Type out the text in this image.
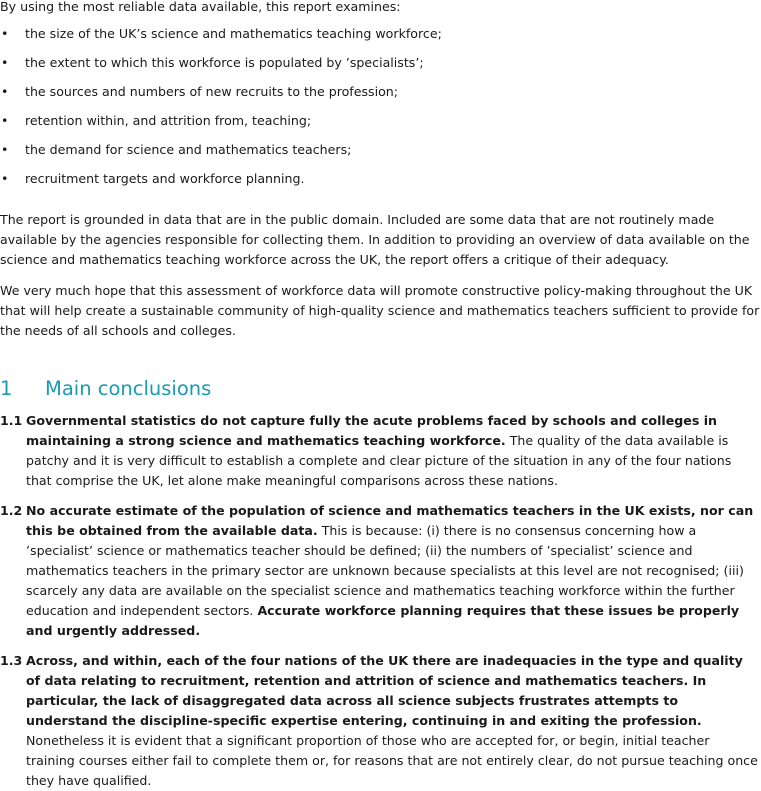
By using the most reliable data available, this report examines:

• the size of the UK’s science and mathematics teaching workforce;
• the extent to which this workforce is populated by ’specialists’;
• the sources and numbers of new recruits to the profession;
• retention within, and attrition from, teaching;
• the demand for science and mathematics teachers;
• recruitment targets and workforce planning.

The report is grounded in data that are in the public domain. Included are some data that are not routinely made available by the agencies responsible for collecting them. In addition to providing an overview of data available on the science and mathematics teaching workforce across the UK, the report offers a critique of their adequacy.

We very much hope that this assessment of workforce data will promote constructive policy-making throughout the UK that will help create a sustainable community of high-quality science and mathematics teachers sufficient to provide for the needs of all schools and colleges.

1 Main conclusions
1.1 Governmental statistics do not capture fully the acute problems faced by schools and colleges in maintaining a strong science and mathematics teaching workforce. The quality of the data available is patchy and it is very difficult to establish a complete and clear picture of the situation in any of the four nations that comprise the UK, let alone make meaningful comparisons across these nations.
1.2 No accurate estimate of the population of science and mathematics teachers in the UK exists, nor can this be obtained from the available data. This is because: (i) there is no consensus concerning how a ’specialist’ science or mathematics teacher should be defined; (ii) the numbers of ’specialist’ science and mathematics teachers in the primary sector are unknown because specialists at this level are not recognised; (iii) scarcely any data are available on the specialist science and mathematics teaching workforce within the further education and independent sectors. Accurate workforce planning requires that these issues be properly and urgently addressed.
1.3 Across, and within, each of the four nations of the UK there are inadequacies in the type and quality of data relating to recruitment, retention and attrition of science and mathematics teachers. In particular, the lack of disaggregated data across all science subjects frustrates attempts to understand the discipline-specific expertise entering, continuing in and exiting the profession. Nonetheless it is evident that a significant proportion of those who are accepted for, or begin, initial teacher training courses either fail to complete them or, for reasons that are not entirely clear, do not pursue teaching once they have qualified.
